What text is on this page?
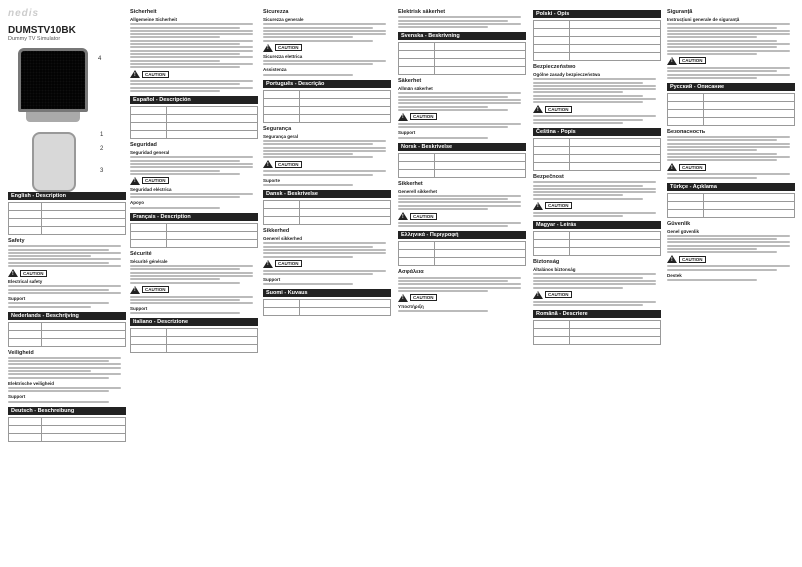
nedis
DUMSTV10BK
Dummy TV Simulator
4
1
2
3
English - Description

Safety
!
CAUTION
Electrical safety
Support
Nederlands - Beschrijving

Veiligheid
Elektrische veiligheid
Support
Deutsch - Beschreibung

Sicherheit
Allgemeine Sicherheit
!
CAUTION
Español - Descripción

Seguridad
Seguridad general
!
CAUTION
Seguridad eléctrica
Apoyo
Français - Description

Sécurité
Sécurité générale
!
CAUTION
Support
Italiano - Descrizione

Sicurezza
Sicurezza generale
!
CAUTION
Sicurezza elettrica
Assistenza
Português - Descrição

Segurança
Segurança geral
!
CAUTION
Suporte
Dansk - Beskrivelse

Sikkerhed
Generel sikkerhed
!
CAUTION
Support
Suomi - Kuvaus

Elektrisk säkerhet
Svenska - Beskrivning

Säkerhet
Allmän säkerhet
!
CAUTION
Support
Norsk - Beskrivelse

Sikkerhet
Generell sikkerhet
!
CAUTION
Ελληνικά - Περιγραφή

Ασφάλεια
!
CAUTION
Υποστήριξη
Polski - Opis

Bezpieczeństwo
Ogólne zasady bezpieczeństwa
!
CAUTION
Čeština - Popis

Bezpečnost
!
CAUTION
Magyar - Leírás

Biztonság
Általános biztonság
!
CAUTION
Română - Descriere

Siguranță
Instrucțiuni generale de siguranță
!
CAUTION
Pусский - Описание

Безопасность
!
CAUTION
Türkçe - Açıklama

Güvenlik
Genel güvenlik
!
CAUTION
Destek
